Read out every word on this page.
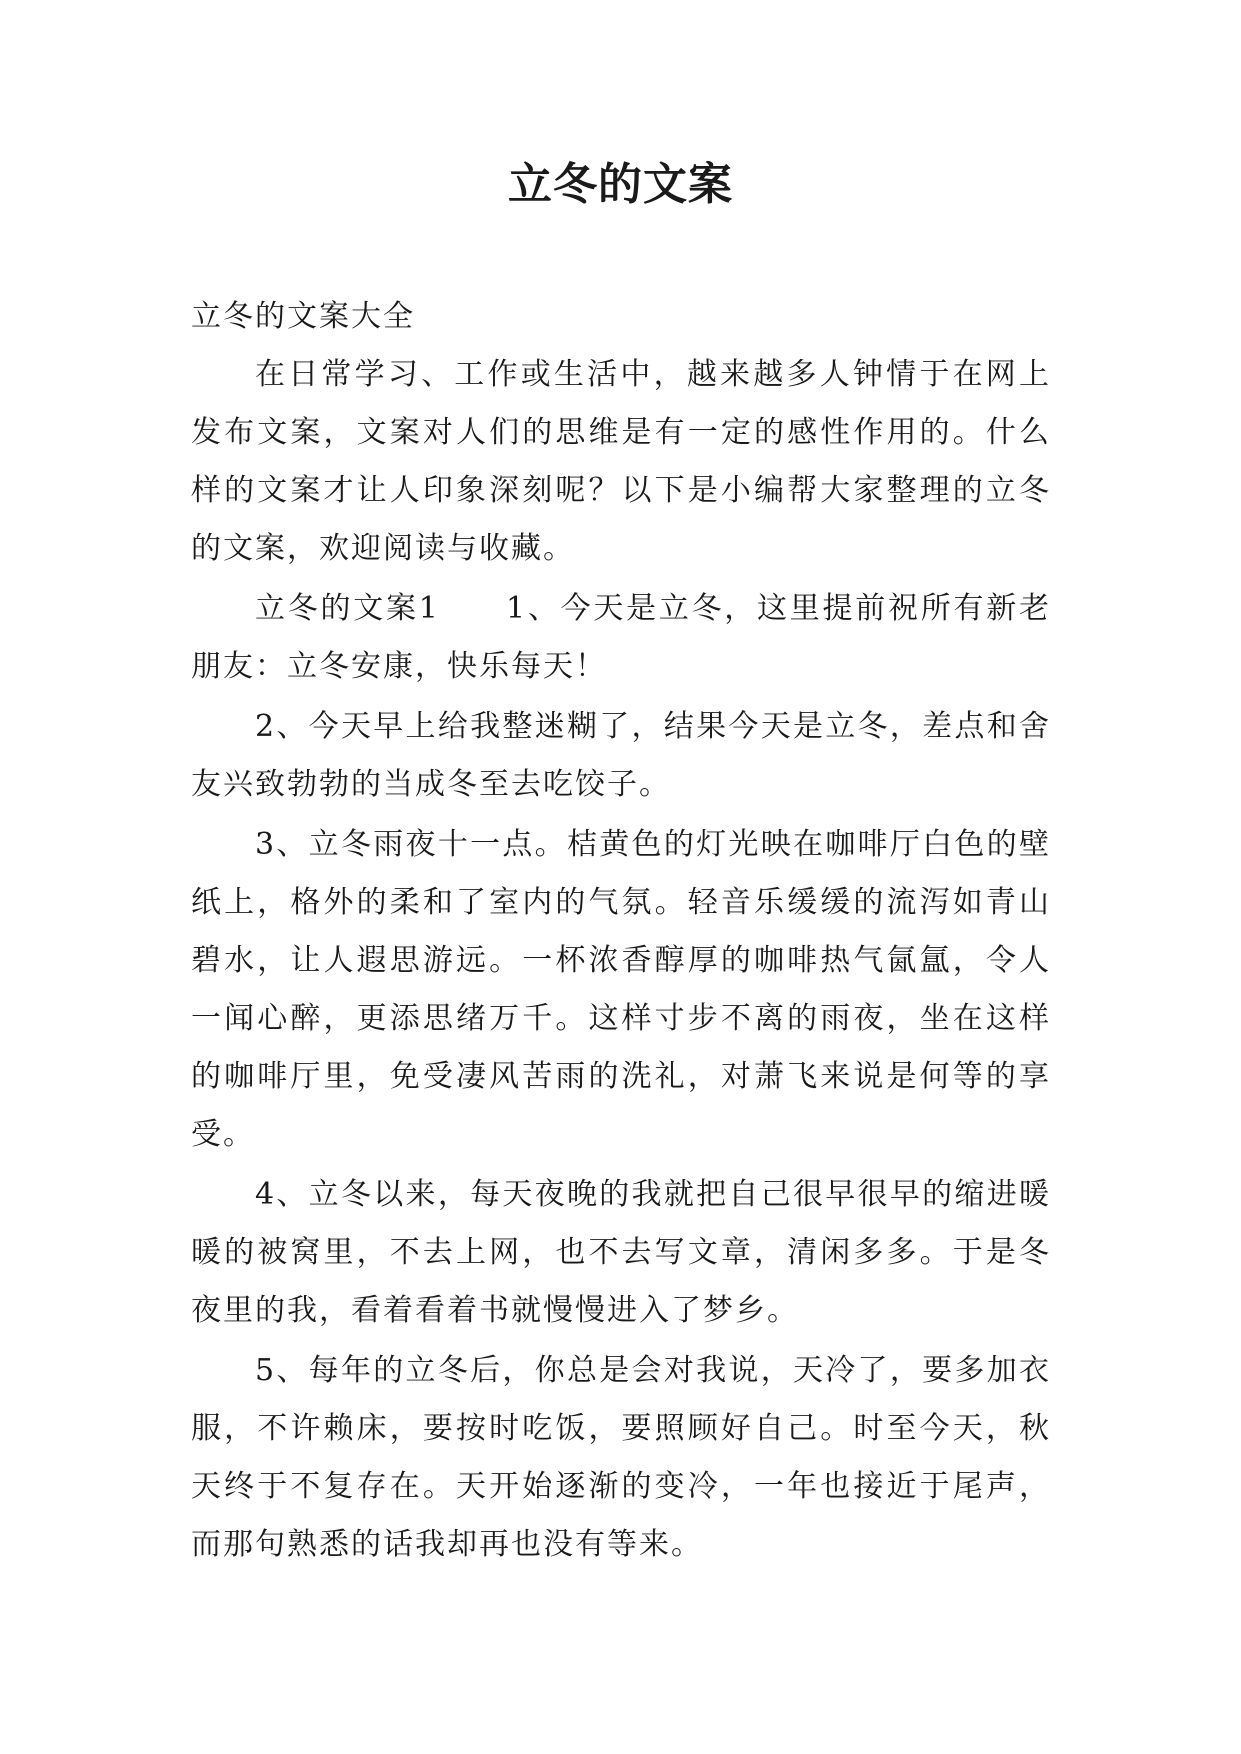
立冬的文案

立冬的文案大全

在日常学习、工作或生活中，越来越多人钟情于在网上发布文案，文案对人们的思维是有一定的感性作用的。什么样的文案才让人印象深刻呢？以下是小编帮大家整理的立冬的文案，欢迎阅读与收藏。

立冬的文案1　　1、今天是立冬，这里提前祝所有新老朋友：立冬安康，快乐每天！

2、今天早上给我整迷糊了，结果今天是立冬，差点和舍友兴致勃勃的当成冬至去吃饺子。

3、立冬雨夜十一点。桔黄色的灯光映在咖啡厅白色的壁纸上，格外的柔和了室内的气氛。轻音乐缓缓的流泻如青山碧水，让人遐思游远。一杯浓香醇厚的咖啡热气氤氲，令人一闻心醉，更添思绪万千。这样寸步不离的雨夜，坐在这样的咖啡厅里，免受凄风苦雨的洗礼，对萧飞来说是何等的享受。

4、立冬以来，每天夜晚的我就把自己很早很早的缩进暖暖的被窝里，不去上网，也不去写文章，清闲多多。于是冬夜里的我，看着看着书就慢慢进入了梦乡。

5、每年的立冬后，你总是会对我说，天冷了，要多加衣服，不许赖床，要按时吃饭，要照顾好自己。时至今天，秋天终于不复存在。天开始逐渐的变冷，一年也接近于尾声，而那句熟悉的话我却再也没有等来。
